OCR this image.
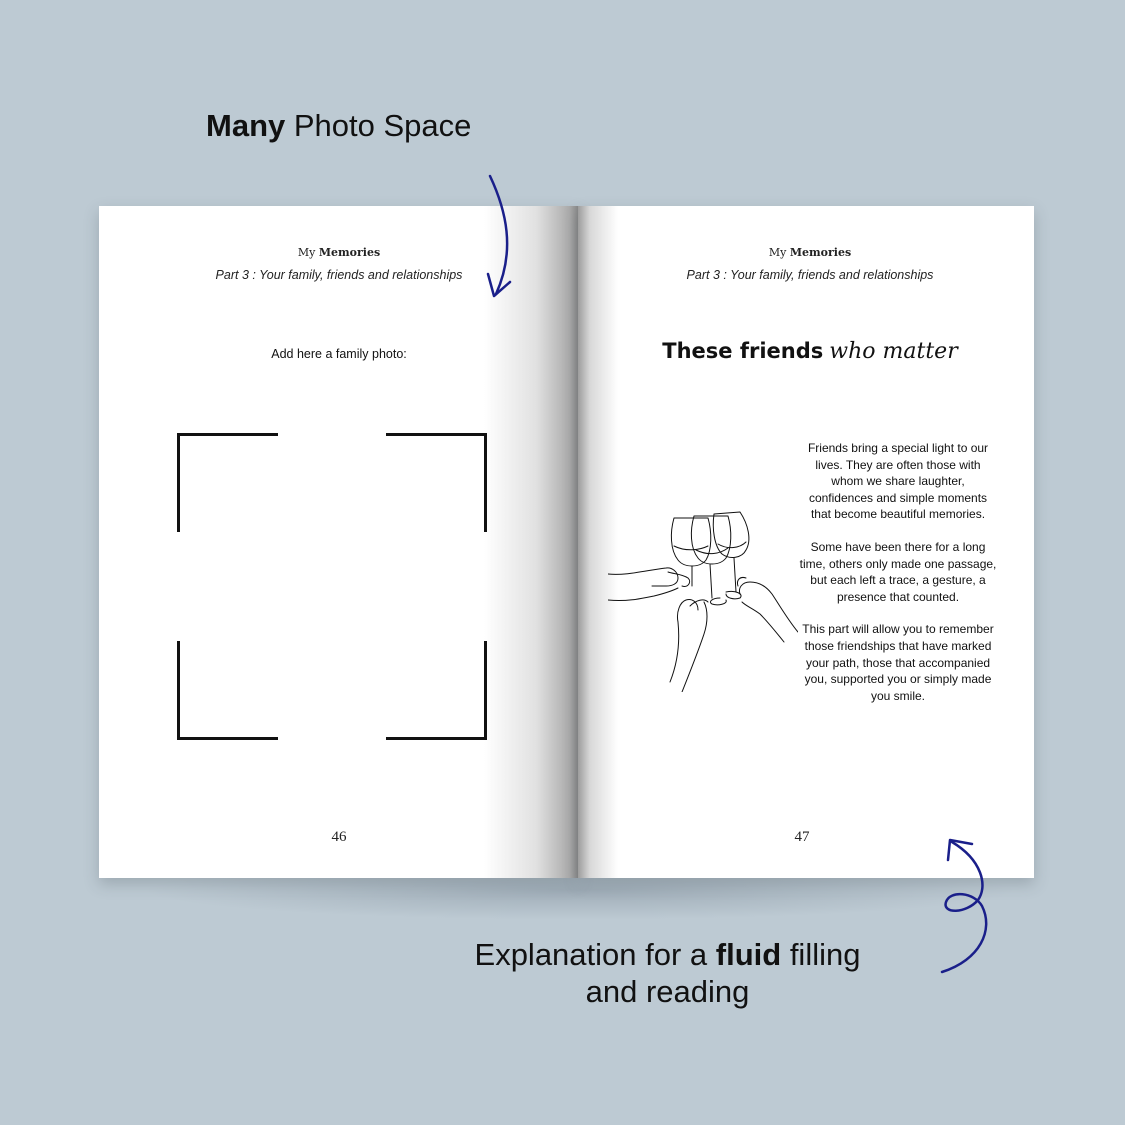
Many Photo Space
My Memories
Part 3 : Your family, friends and relationships
Add here a family photo:
46
My Memories
Part 3 : Your family, friends and relationships
These friends who matter

Friends bring a special light to our lives. They are often those with whom we share laughter, confidences and simple moments that become beautiful memories.

Some have been there for a long time, others only made one passage, but each left a trace, a gesture, a presence that counted.

This part will allow you to remember those friendships that have marked your path, those that accompanied you, supported you or simply made you smile.

47
Explanation for a fluid filling
and reading
